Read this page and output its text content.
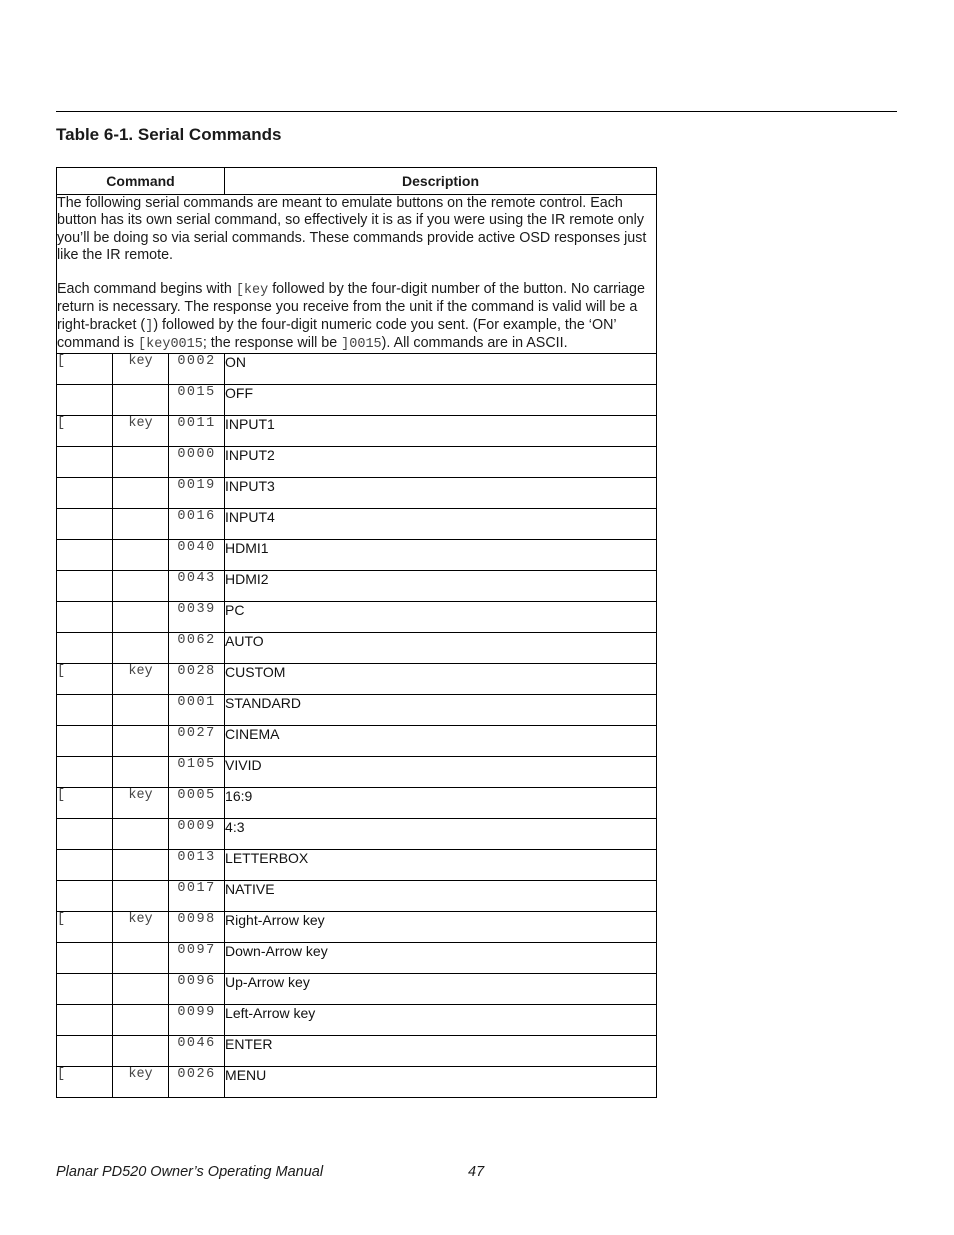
Table 6-1. Serial Commands
Command			Description

The following serial commands are meant to emulate buttons on the remote control. Each button has its own serial command, so effectively it is as if you were using the IR remote only you’ll be doing so via serial commands. These commands provide active OSD responses just like the IR remote.

Each command begins with [key followed by the four-digit number of the button. No carriage return is necessary. The response you receive from the unit if the command is valid will be a right-bracket (]) followed by the four-digit numeric code you sent. (For example, the ‘ON’ command is [key0015; the response will be ]0015). All commands are in ASCII.			

[	key	0002	ON
		0015	OFF
[	key	0011	INPUT1
		0000	INPUT2
		0019	INPUT3
		0016	INPUT4
		0040	HDMI1
		0043	HDMI2
		0039	PC
		0062	AUTO
[	key	0028	CUSTOM
		0001	STANDARD
		0027	CINEMA
		0105	VIVID
[	key	0005	16:9
		0009	4:3
		0013	LETTERBOX
		0017	NATIVE
[	key	0098	Right-Arrow key
		0097	Down-Arrow key
		0096	Up-Arrow key
		0099	Left-Arrow key
		0046	ENTER
[	key	0026	MENU
Planar PD520 Owner’s Operating Manual	47
